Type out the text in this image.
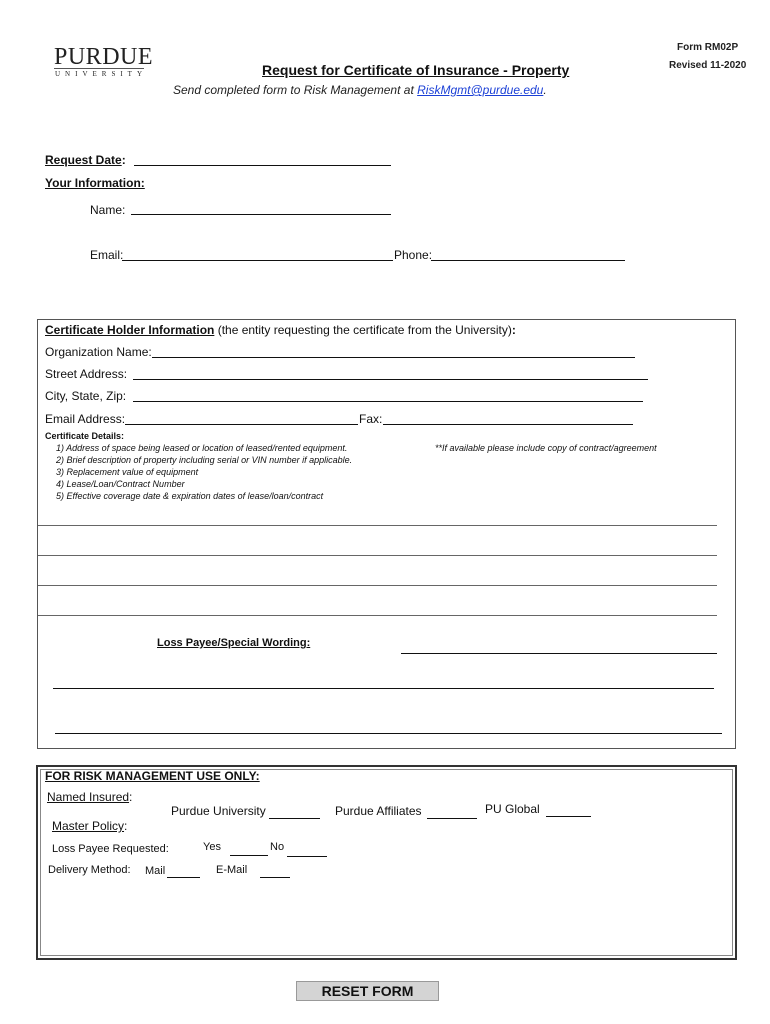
PURDUE
UNIVERSITY
Form RM02P
Revised 11-2020
Request for Certificate of Insurance - Property
Send completed form to Risk Management at RiskMgmt@purdue.edu.
Request Date:
Your Information:
Name:
Email:	Phone:
Certificate Holder Information (the entity requesting the certificate from the University):
Organization Name:
Street Address:
City, State, Zip:
Email Address:	Fax:
Certificate Details:
1) Address of space being leased or location of leased/rented equipment.
2) Brief description of property including serial or VIN number if applicable.
3) Replacement value of equipment
4) Lease/Loan/Contract Number
5) Effective coverage date & expiration dates of lease/loan/contract
**If available please include copy of contract/agreement
Loss Payee/Special Wording:
FOR RISK MANAGEMENT USE ONLY:
Named Insured:
Purdue University	Purdue Affiliates	PU Global
Master Policy:
Loss Payee Requested:	Yes	No
Delivery Method: Mail	E-Mail
RESET FORM
